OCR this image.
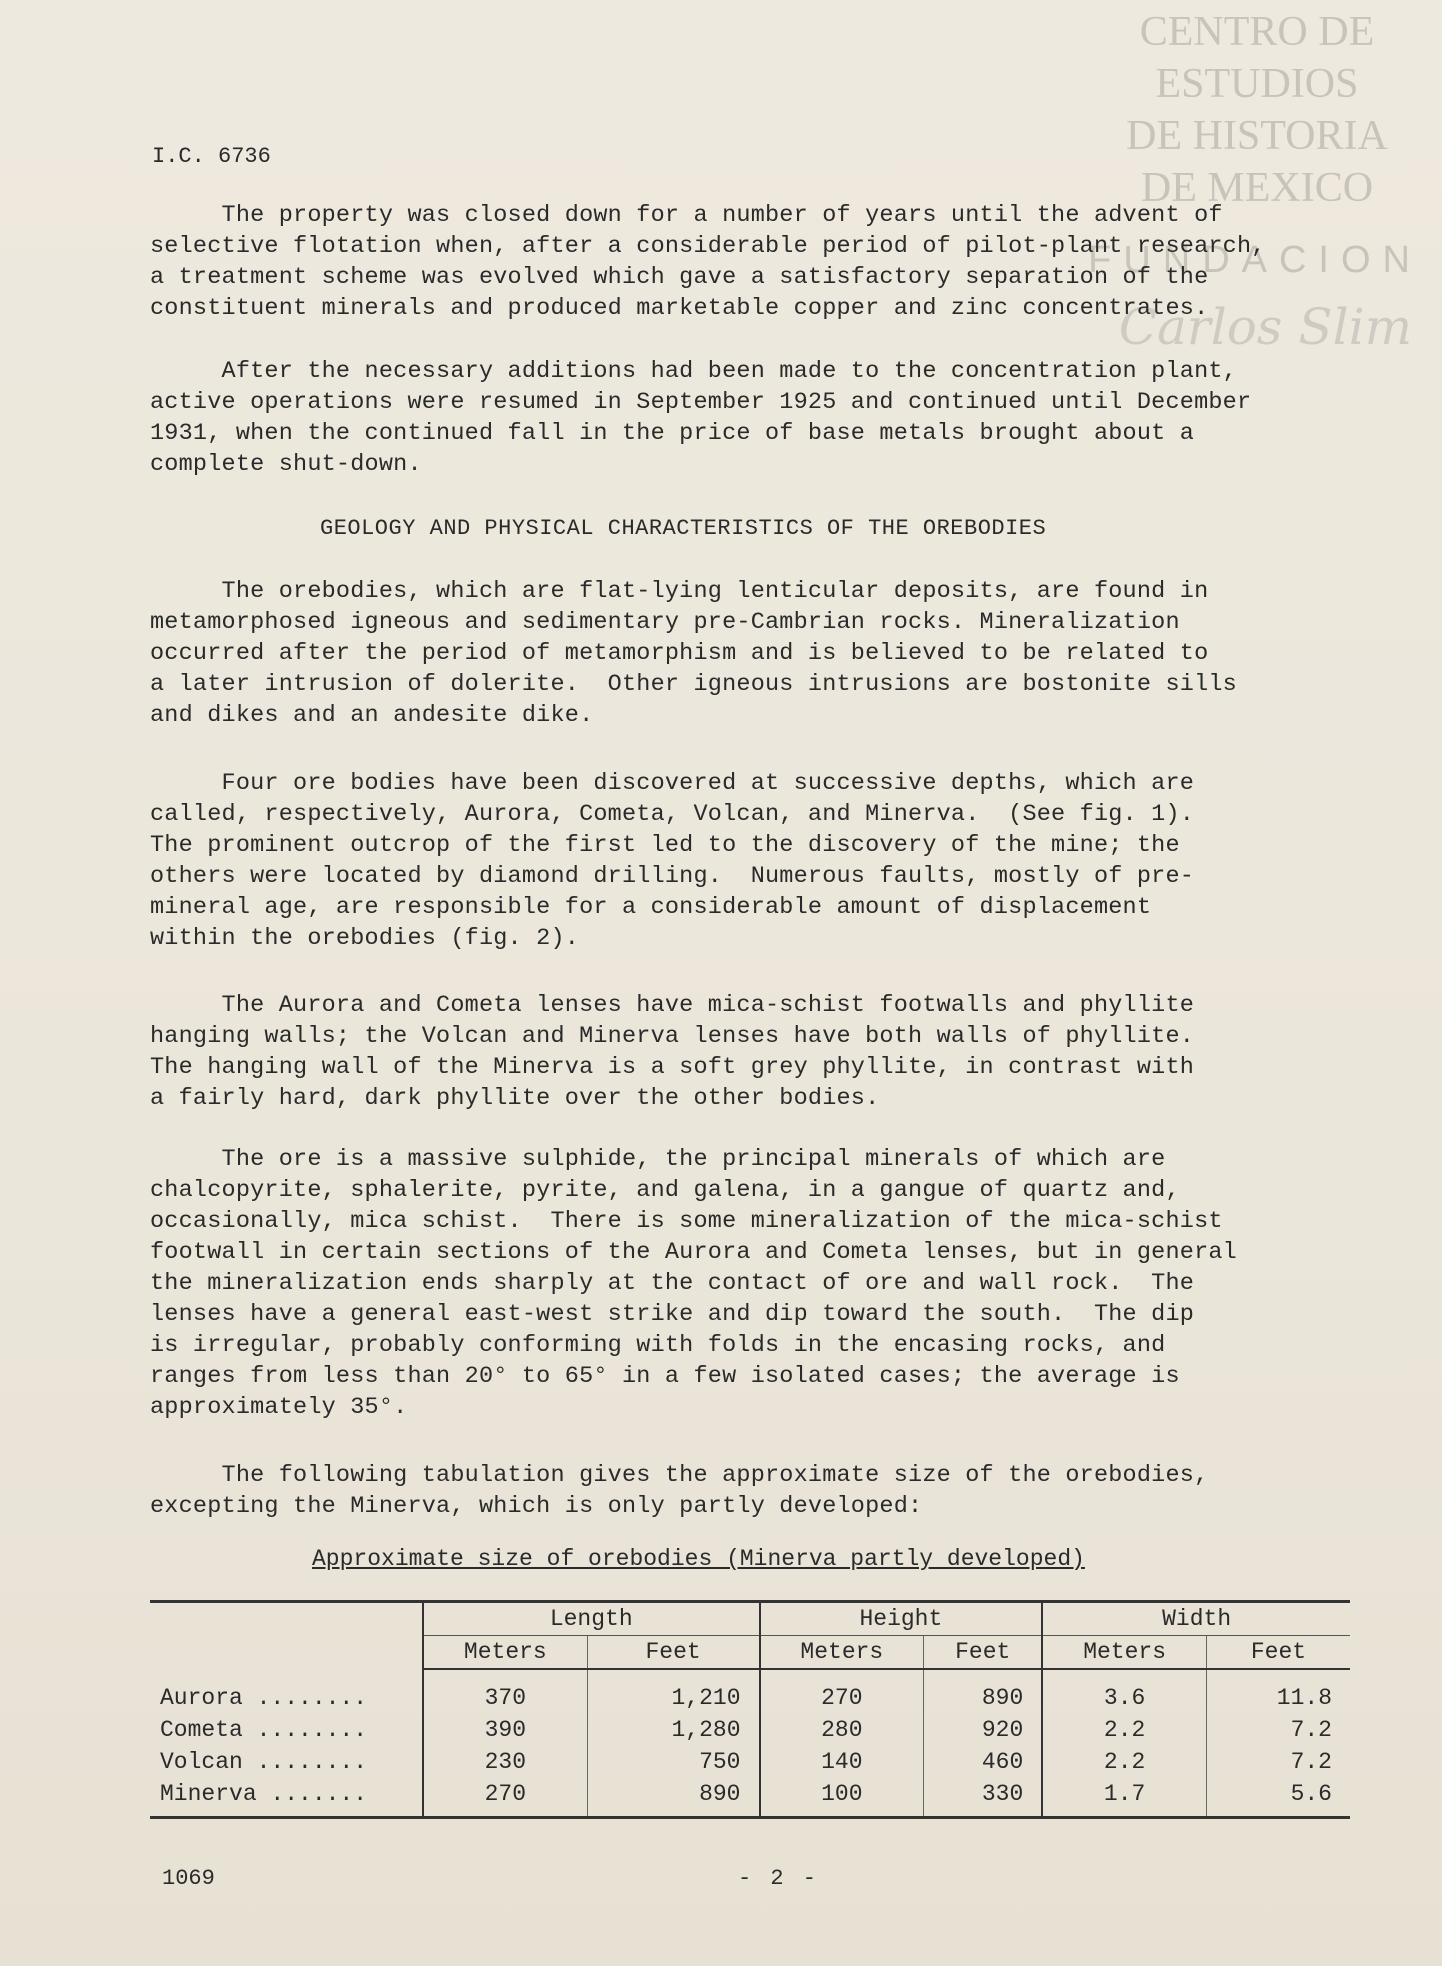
CENTRO DE
ESTUDIOS
DE HISTORIA
DE MEXICO
FUNDACION
Carlos Slim
I.C. 6736
The property was closed down for a number of years until the advent of
selective flotation when, after a considerable period of pilot-plant research,
a treatment scheme was evolved which gave a satisfactory separation of the
constituent minerals and produced marketable copper and zinc concentrates.
After the necessary additions had been made to the concentration plant,
active operations were resumed in September 1925 and continued until December
1931, when the continued fall in the price of base metals brought about a
complete shut-down.
GEOLOGY AND PHYSICAL CHARACTERISTICS OF THE OREBODIES
The orebodies, which are flat-lying lenticular deposits, are found in
metamorphosed igneous and sedimentary pre-Cambrian rocks. Mineralization
occurred after the period of metamorphism and is believed to be related to
a later intrusion of dolerite.  Other igneous intrusions are bostonite sills
and dikes and an andesite dike.
Four ore bodies have been discovered at successive depths, which are
called, respectively, Aurora, Cometa, Volcan, and Minerva.  (See fig. 1).
The prominent outcrop of the first led to the discovery of the mine; the
others were located by diamond drilling.  Numerous faults, mostly of pre-
mineral age, are responsible for a considerable amount of displacement
within the orebodies (fig. 2).
The Aurora and Cometa lenses have mica-schist footwalls and phyllite
hanging walls; the Volcan and Minerva lenses have both walls of phyllite.
The hanging wall of the Minerva is a soft grey phyllite, in contrast with
a fairly hard, dark phyllite over the other bodies.
The ore is a massive sulphide, the principal minerals of which are
chalcopyrite, sphalerite, pyrite, and galena, in a gangue of quartz and,
occasionally, mica schist.  There is some mineralization of the mica-schist
footwall in certain sections of the Aurora and Cometa lenses, but in general
the mineralization ends sharply at the contact of ore and wall rock.  The
lenses have a general east-west strike and dip toward the south.  The dip
is irregular, probably conforming with folds in the encasing rocks, and
ranges from less than 20° to 65° in a few isolated cases; the average is
approximately 35°.
The following tabulation gives the approximate size of the orebodies,
excepting the Minerva, which is only partly developed:
Approximate size of orebodies (Minerva partly developed)
	Length		Height		Width	
	Meters	Feet	Meters	Feet	Meters	Feet
Aurora ........	370	1,210	270	890	3.6	11.8
Cometa ........	390	1,280	280	920	2.2	7.2
Volcan ........	230	750	140	460	2.2	7.2
Minerva .......	270	890	100	330	1.7	5.6
1069	- 2 -
